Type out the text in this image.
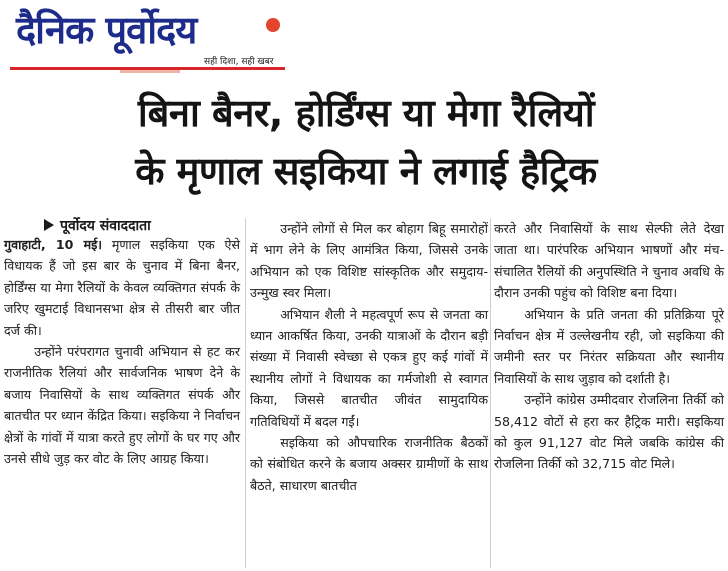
दैनिक पूर्वोदय
सही दिशा, सही खबर
बिना बैनर, होर्डिंग्स या मेगा रैलियों
के मृणाल सइकिया ने लगाई हैट्रिक
पूर्वोदय संवाददाता

गुवाहाटी, 10 मई। मृणाल सइकिया एक ऐसे विधायक हैं जो इस बार के चुनाव में बिना बैनर, होर्डिंग्स या मेगा रैलियों के केवल व्यक्तिगत संपर्क के जरिए खुमटाई विधानसभा क्षेत्र से तीसरी बार जीत दर्ज की।

उन्होंने परंपरागत चुनावी अभियान से हट कर राजनीतिक रैलियां और सार्वजनिक भाषण देने के बजाय निवासियों के साथ व्यक्तिगत संपर्क और बातचीत पर ध्यान केंद्रित किया। सइकिया ने निर्वाचन क्षेत्रों के गांवों में यात्रा करते हुए लोगों के घर गए और उनसे सीधे जुड़ कर वोट के लिए आग्रह किया।

उन्होंने लोगों से मिल कर बोहाग बिहू समारोहों में भाग लेने के लिए आमंत्रित किया, जिससे उनके अभियान को एक विशिष्ट सांस्कृतिक और समुदाय-उन्मुख स्वर मिला।

अभियान शैली ने महत्वपूर्ण रूप से जनता का ध्यान आकर्षित किया, उनकी यात्राओं के दौरान बड़ी संख्या में निवासी स्वेच्छा से एकत्र हुए कई गांवों में स्थानीय लोगों ने विधायक का गर्मजोशी से स्वागत किया, जिससे बातचीत जीवंत सामुदायिक गतिविधियों में बदल गईं।

सइकिया को औपचारिक राजनीतिक बैठकों को संबोधित करने के बजाय अक्सर ग्रामीणों के साथ बैठते, साधारण बातचीत

करते और निवासियों के साथ सेल्फी लेते देखा जाता था। पारंपरिक अभियान भाषणों और मंच-संचालित रैलियों की अनुपस्थिति ने चुनाव अवधि के दौरान उनकी पहुंच को विशिष्ट बना दिया।

अभियान के प्रति जनता की प्रतिक्रिया पूरे निर्वाचन क्षेत्र में उल्लेखनीय रही, जो सइकिया की जमीनी स्तर पर निरंतर सक्रियता और स्थानीय निवासियों के साथ जुड़ाव को दर्शाती है।

उन्होंने कांग्रेस उम्मीदवार रोजलिना तिर्की को 58,412 वोटों से हरा कर हैट्रिक मारी। सइकिया को कुल 91,127 वोट मिले जबकि कांग्रेस की रोजलिना तिर्की को 32,715 वोट मिले।
